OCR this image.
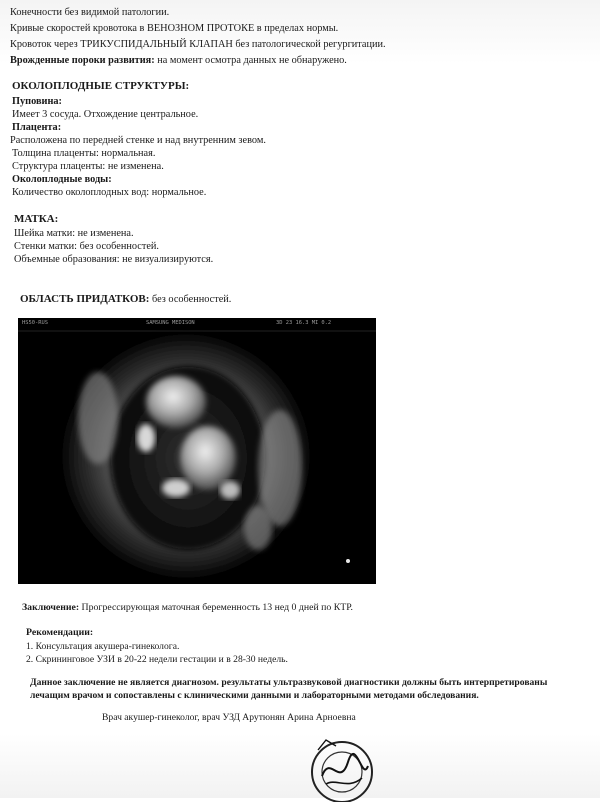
Конечности без видимой патологии.
Кривые скоростей кровотока в ВЕНОЗНОМ ПРОТОКЕ в пределах нормы.
Кровоток через ТРИКУСПИДАЛЬНЫЙ КЛАПАН без патологической регургитации.
Врожденные пороки развития: на момент осмотра данных не обнаружено.
ОКОЛОПЛОДНЫЕ СТРУКТУРЫ:
Пуповина:
Имеет 3 сосуда. Отхождение центральное.
Плацента:
Расположена по передней стенке и над внутренним зевом.
Толщина плаценты: нормальная.
Структура плаценты: не изменена.
Околоплодные воды:
Количество околоплодных вод: нормальное.
МАТКА:
Шейка матки: не изменена.
Стенки матки: без особенностей.
Объемные образования: не визуализируются.
ОБЛАСТЬ ПРИДАТКОВ: без особенностей.
HS50-RUS	SAMSUNG MEDISON	3D 23 16.3 MI 0.2
Заключение: Прогрессирующая маточная беременность 13 нед 0 дней по КТР.
Рекомендации:
1. Консультация акушера-гинеколога.
2. Скрининговое УЗИ в 20-22 недели гестации и в 28-30 недель.
Данное заключение не является диагнозом. результаты ультразвуковой диагностики должны быть интерпретированы
лечащим врачом и сопоставлены с клиническими данными и лабораторными методами обследования.
Врач акушер-гинеколог, врач УЗД Арутюнян Арина Арноевна
